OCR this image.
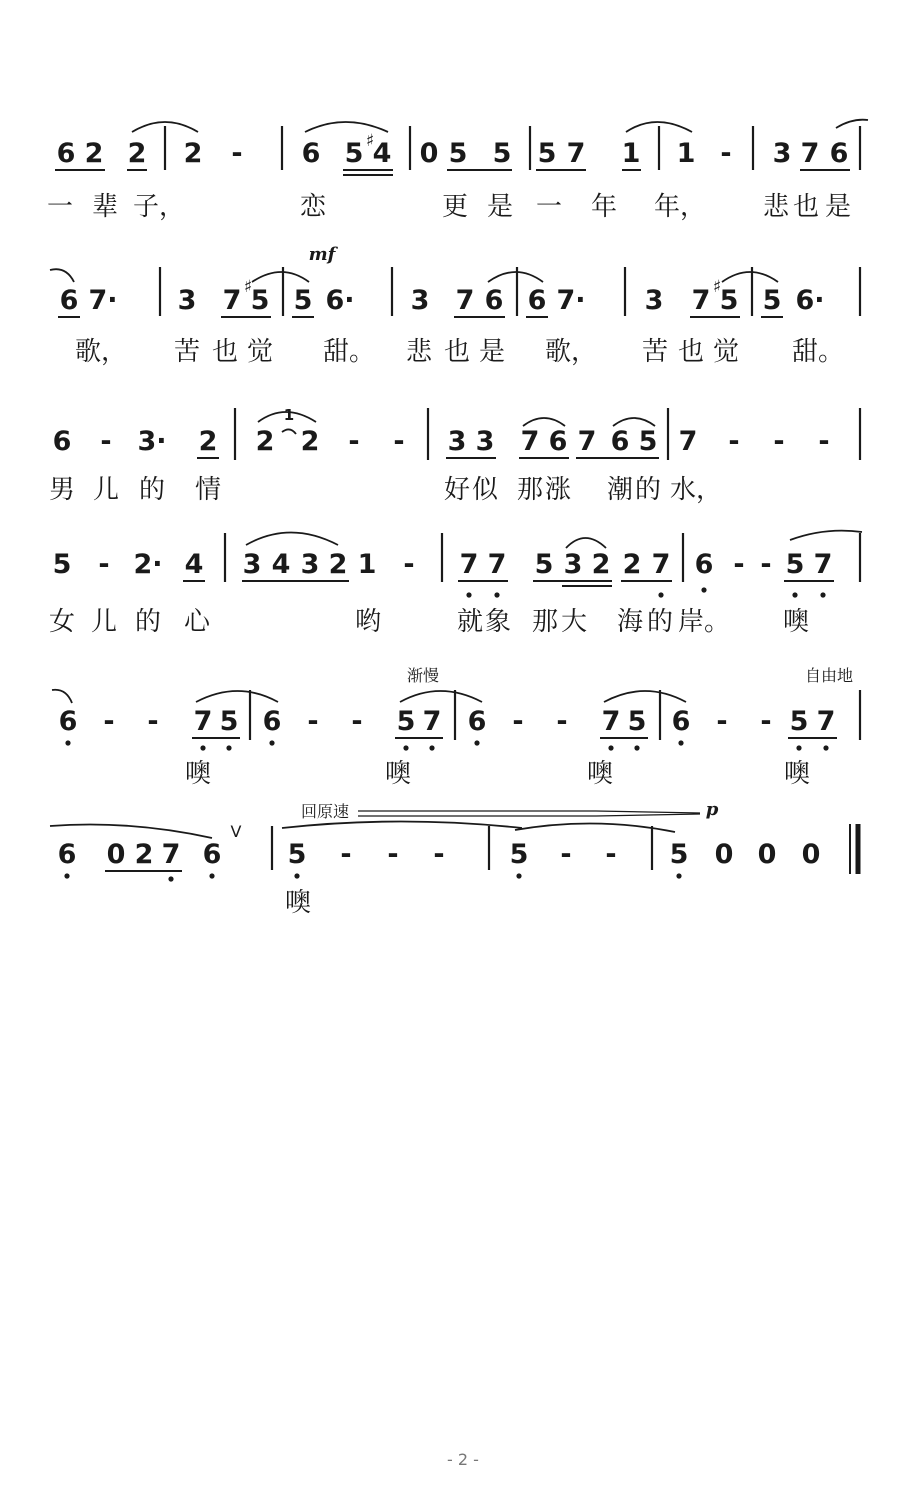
6 2 2 2 - 6 5 ♯
4 0 5 5 5 7 1 1 - 3 7 6
一 辈 子，	恋	更 是 一 年 年， 悲 也 是
mf
6 7· 3 7 ♯
5 5 6· 3 7 6 6 7· 3 7 ♯
5 5 6·
歌， 苦 也 觉 甜。 悲 也 是 歌， 苦 也 觉 甜。
6 - 3· 2 2
1
2 - - 3 3 7 6 7 6 5 7 - - -
男 儿 的 情	好 似 那 涨 潮 的 水，
5 - 2· 4 3 4 3 2 1 - 7 7 5 3 2 2 7 6 - - 5 7
女 儿 的 心	哟	就 象 那 大 海 的 岸。 噢
渐慢	自由地
6 - - 7 5 6 - - 5 7 6 - - 7 5 6 - - 5 7
噢	噢	噢	噢
回原速	p
6 0 2 7 6
V
5 - - - 5 - - 5 0 0 0
噢
- 2 -
